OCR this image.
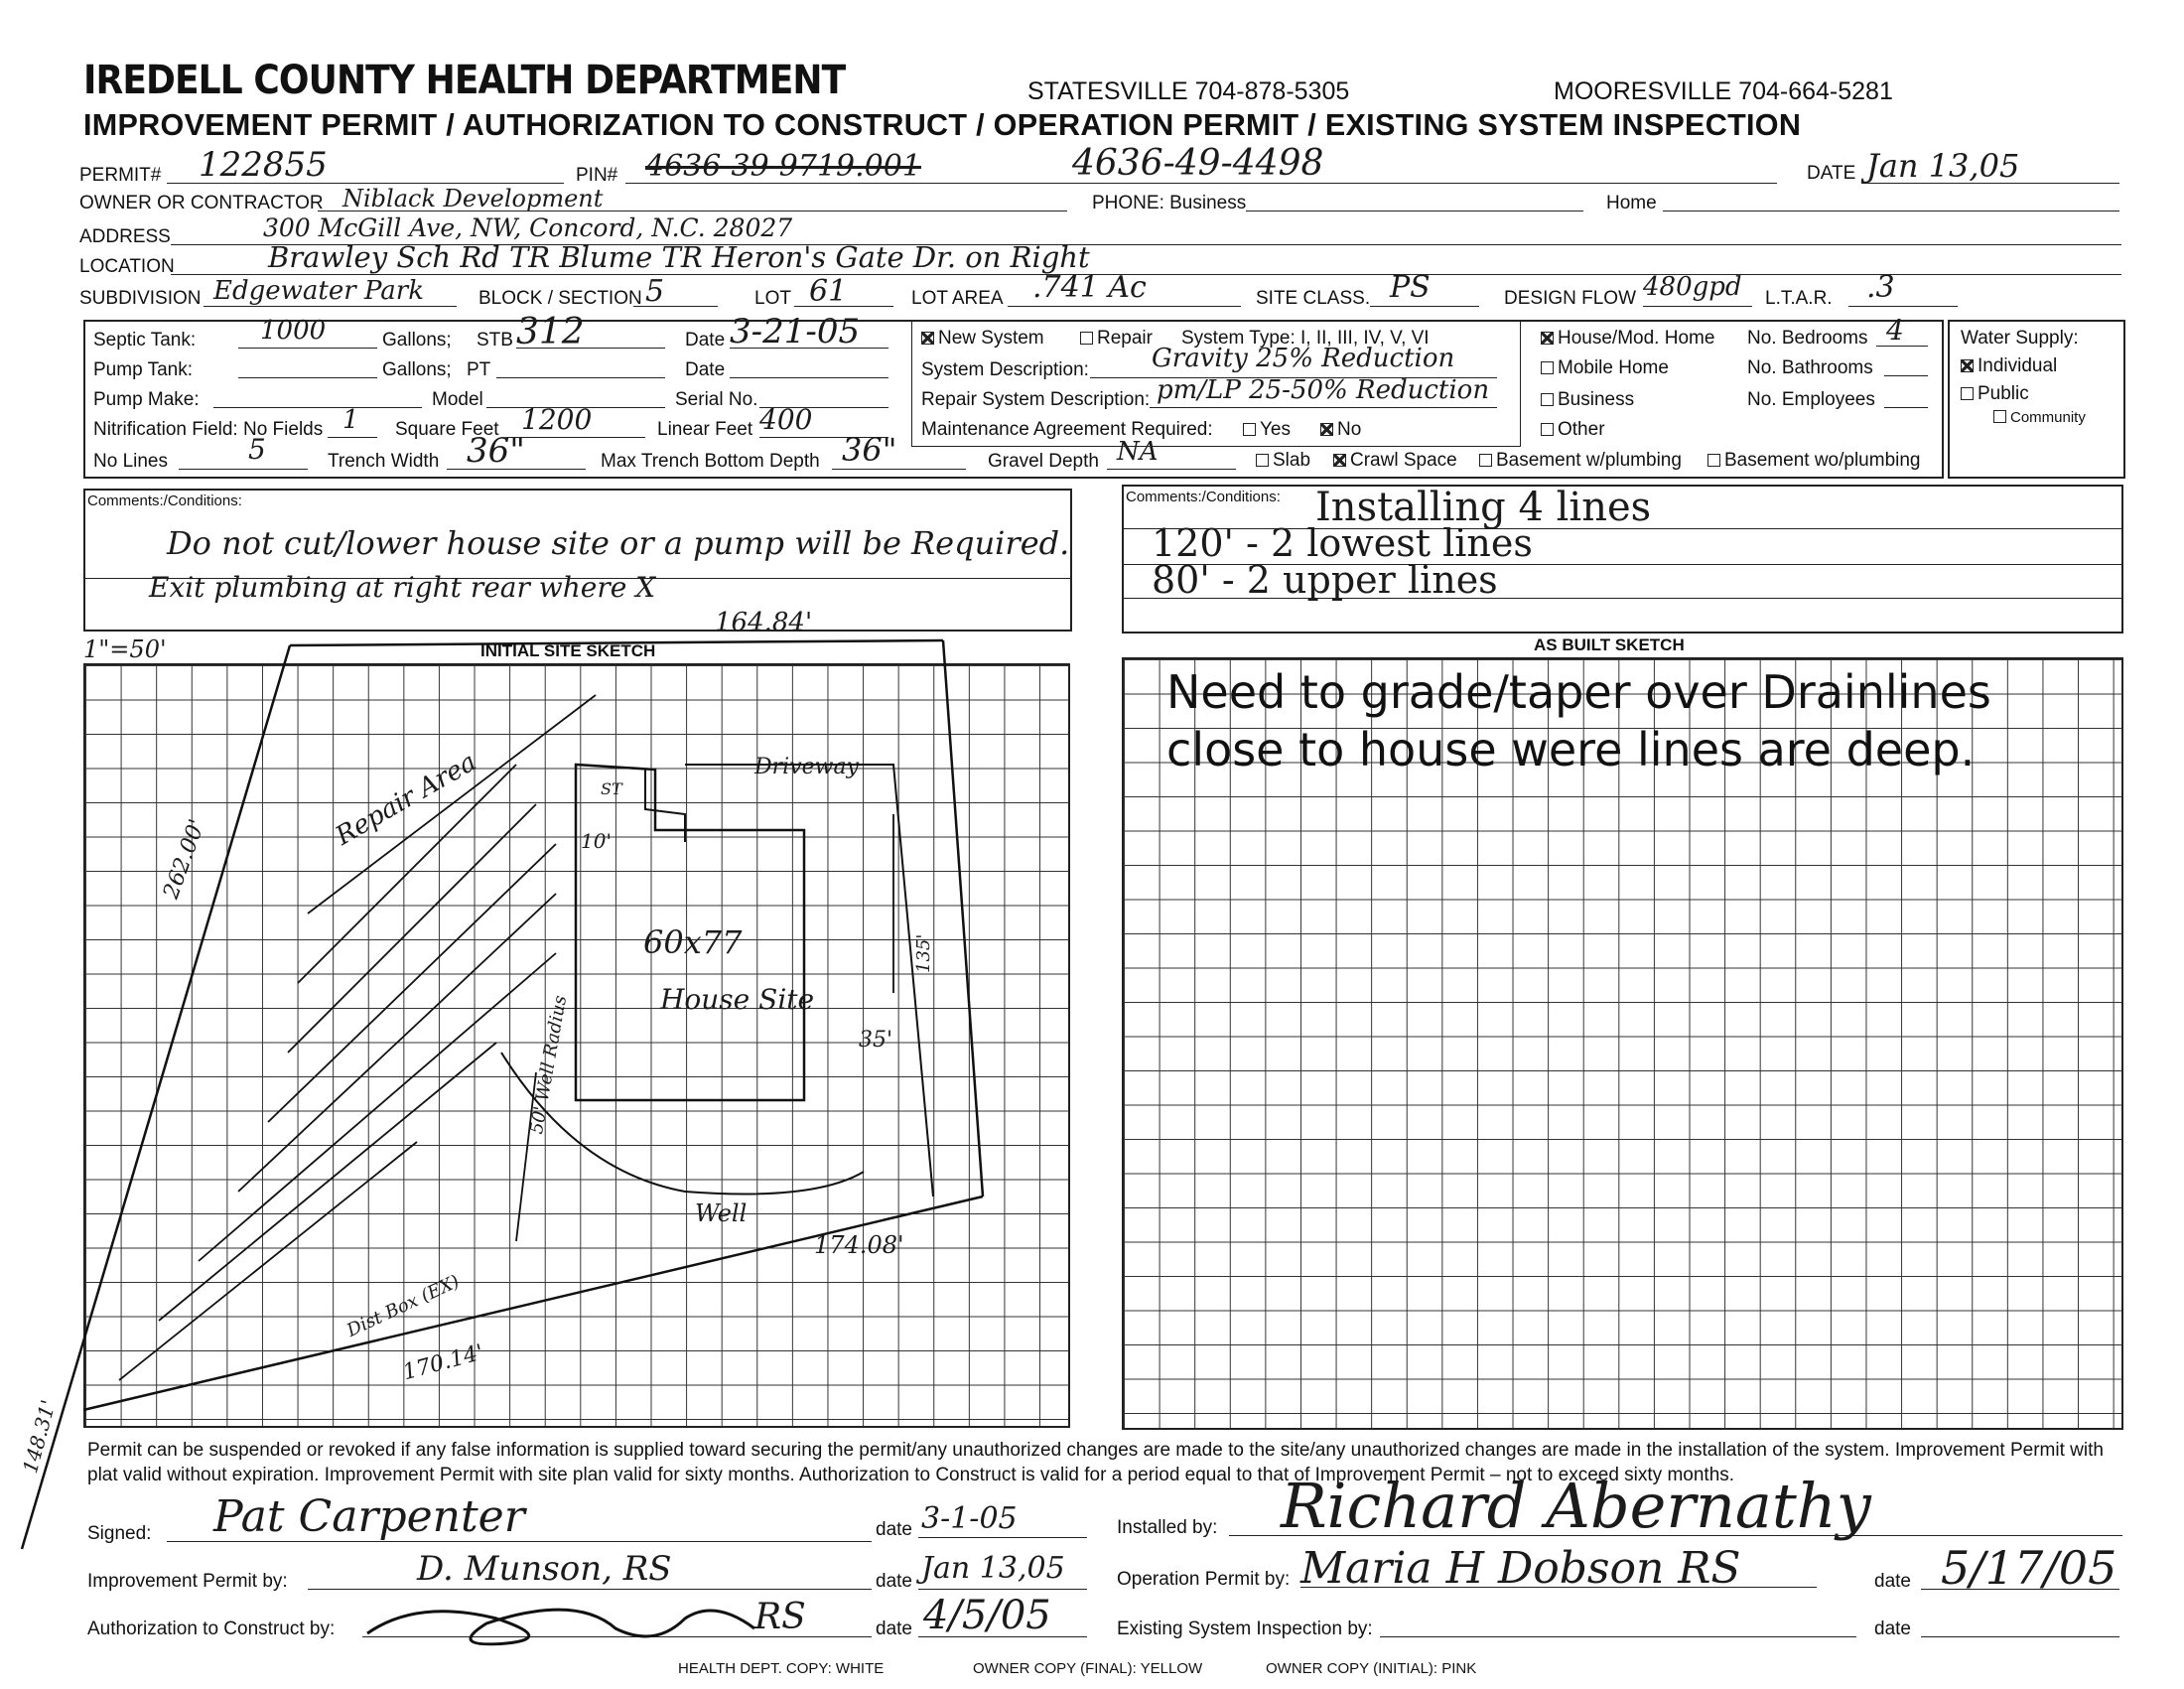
IREDELL COUNTY HEALTH DEPARTMENT	STATESVILLE 704-878-5305	MOORESVILLE 704-664-5281
IMPROVEMENT PERMIT / AUTHORIZATION TO CONSTRUCT / OPERATION PERMIT / EXISTING SYSTEM INSPECTION
PERMIT# 122855	PIN# 4636-39-9719.001	4636-49-4498	DATE Jan 13,05
OWNER OR CONTRACTOR Niblack Development	PHONE: Business	Home
ADDRESS	300 McGill Ave, NW, Concord, N.C. 28027
LOCATION	Brawley Sch Rd TR Blume TR Heron's Gate Dr. on Right
SUBDIVISION Edgewater Park	BLOCK / SECTION 5	LOT 61	LOT AREA .741 Ac	SITE CLASS. PS	DESIGN FLOW 480gpd L.T.A.R. .3
Septic Tank: 1000	Gallons; STB 312	Date 3-21-05
Pump Tank:	Gallons; PT	Date
Pump Make:	Model	Serial No.
Nitrification Field: No Fields 1 Square Feet 1200	Linear Feet 400
No Lines	5	Trench Width 36"	Max Trench Bottom Depth 36"	Gravel Depth NA
New System	Repair System Type: I, II, III, IV, V, VI
System Description: Gravity 25% Reduction
Repair System Description: pm/LP 25-50% Reduction
Maintenance Agreement Required:	Yes	No
Slab	Crawl Space	Basement w/plumbing	Basement wo/plumbing
House/Mod. Home
Mobile Home
Business
Other
No. Bedrooms 4
No. Bathrooms
No. Employees
Water Supply:
Individual
Public
Community
Comments:/Conditions:
Do not cut/lower house site or a pump will be Required.
Exit plumbing at right rear where X
Comments:/Conditions: Installing 4 lines
120' - 2 lowest lines
80' - 2 upper lines
1"=50'	INITIAL SITE SKETCH	AS BUILT SKETCH
164.84'
262.00'
148.31'
Repair Area	Driveway
60x77
House Site
Well
50' Well Radius
174.08'
170.14'
35'
10'
ST
Dist Box (EX)
135'
Need to grade/taper over Drainlines close to house were lines are deep.
Permit can be suspended or revoked if any false information is supplied toward securing the permit/any unauthorized changes are made to the site/any unauthorized changes are made in the installation of the system. Improvement Permit with plat valid without expiration. Improvement Permit with site plan valid for sixty months. Authorization to Construct is valid for a period equal to that of Improvement Permit – not to exceed sixty months.
Signed: Pat Carpenter	date 3-1-05
Improvement Permit by:	D. Munson, RS	date Jan 13,05
Authorization to Construct by:	RS	date 4/5/05
Installed by: Richard Abernathy
Operation Permit by: Maria H Dobson RS	date 5/17/05
Existing System Inspection by:	date
HEALTH DEPT. COPY: WHITE	OWNER COPY (FINAL): YELLOW	OWNER COPY (INITIAL): PINK
